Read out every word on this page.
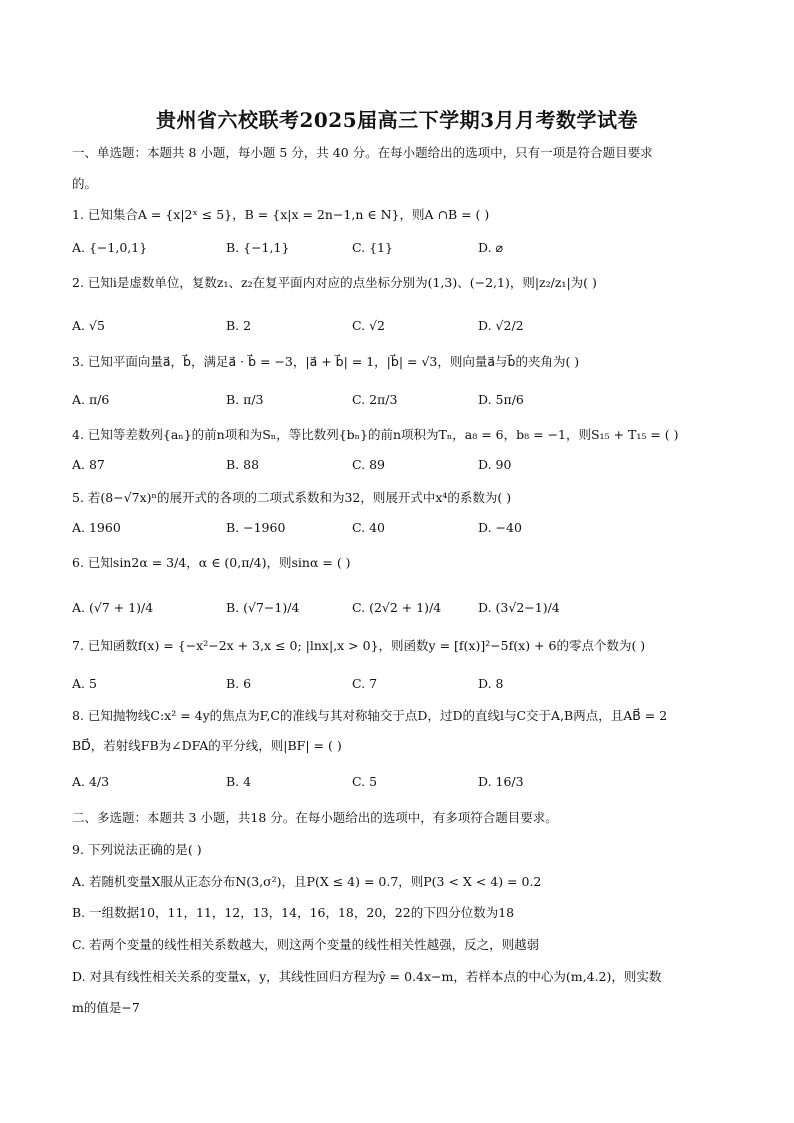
贵州省六校联考2025届高三下学期3月月考数学试卷
一、单选题：本题共 8 小题，每小题 5 分，共 40 分。在每小题给出的选项中，只有一项是符合题目要求
的。
1. 已知集合A = {x|2ˣ ≤ 5}，B = {x|x = 2n−1,n ∈ N}，则A ∩B = ( )
A. {−1,0,1}	B. {−1,1}	C. {1}	D. ⌀
2. 已知i是虚数单位，复数z₁、z₂在复平面内对应的点坐标分别为(1,3)、(−2,1)，则|z₂/z₁|为( )
A. √5	B. 2	C. √2	D. √2/2
3. 已知平面向量a⃗，b⃗，满足a⃗ · b⃗ = −3，|a⃗ + b⃗| = 1，|b⃗| = √3，则向量a⃗与b⃗的夹角为( )
A. π/6	B. π/3	C. 2π/3	D. 5π/6
4. 已知等差数列{aₙ}的前n项和为Sₙ，等比数列{bₙ}的前n项积为Tₙ，a₈ = 6，b₈ = −1，则S₁₅ + T₁₅ = ( )
A. 87	B. 88	C. 89	D. 90
5. 若(8−√7x)ⁿ的展开式的各项的二项式系数和为32，则展开式中x⁴的系数为( )
A. 1960	B. −1960	C. 40	D. −40
6. 已知sin2α = 3/4，α ∈ (0,π/4)，则sinα = ( )
A. (√7 + 1)/4	B. (√7−1)/4	C. (2√2 + 1)/4	D. (3√2−1)/4
7. 已知函数f(x) = {−x²−2x + 3,x ≤ 0; |lnx|,x > 0}，则函数y = [f(x)]²−5f(x) + 6的零点个数为( )
A. 5	B. 6	C. 7	D. 8
8. 已知抛物线C:x² = 4y的焦点为F,C的准线与其对称轴交于点D，过D的直线l与C交于A,B两点，且AB⃗ = 2
BD⃗，若射线FB为∠DFA的平分线，则|BF| = ( )
A. 4/3	B. 4	C. 5	D. 16/3
二、多选题：本题共 3 小题，共18 分。在每小题给出的选项中，有多项符合题目要求。
9. 下列说法正确的是( )
A. 若随机变量X服从正态分布N(3,σ²)，且P(X ≤ 4) = 0.7，则P(3 < X < 4) = 0.2
B. 一组数据10，11，11，12，13，14，16，18，20，22的下四分位数为18
C. 若两个变量的线性相关系数越大，则这两个变量的线性相关性越强，反之，则越弱
D. 对具有线性相关关系的变量x，y，其线性回归方程为ŷ = 0.4x−m，若样本点的中心为(m,4.2)，则实数
m的值是−7
